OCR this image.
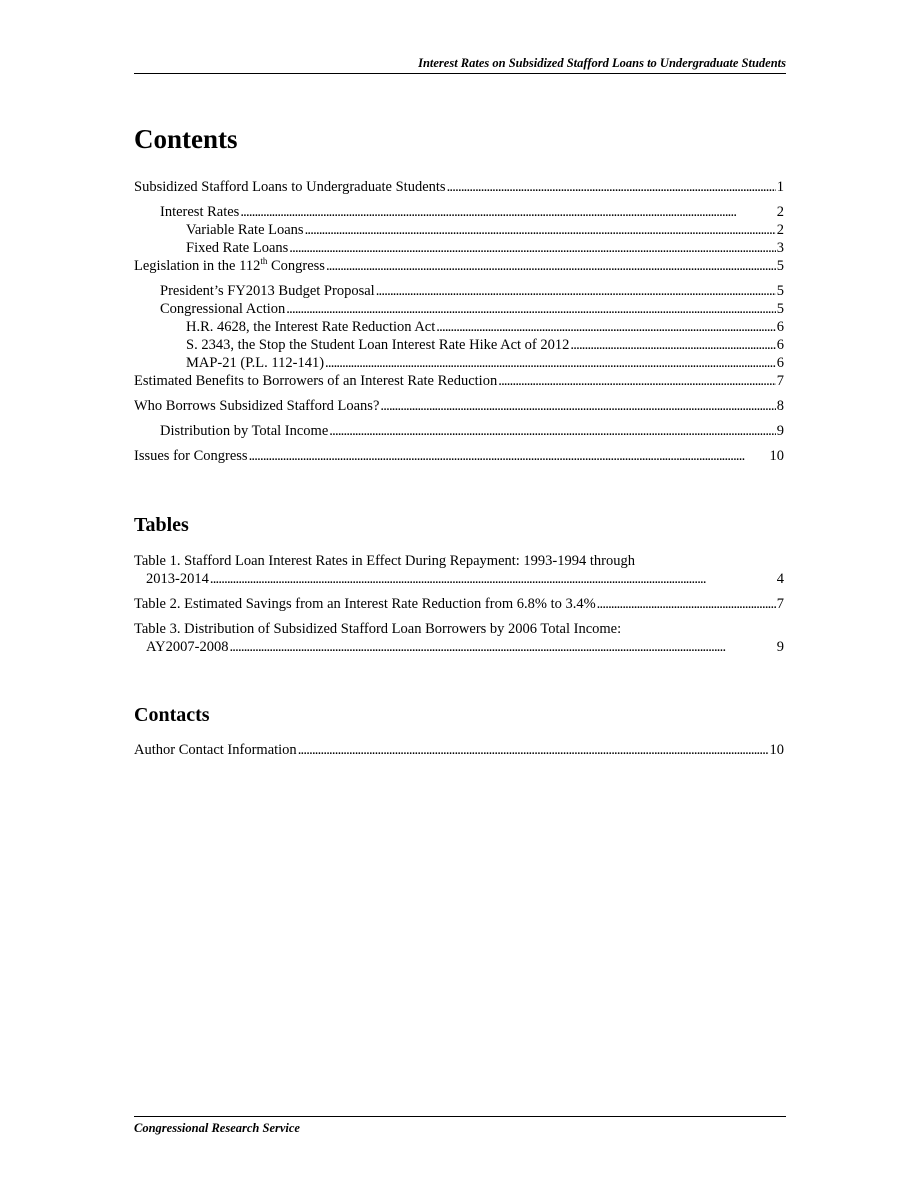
Interest Rates on Subsidized Stafford Loans to Undergraduate Students
Contents
Subsidized Stafford Loans to Undergraduate Students . . .	1
Interest Rates . . .	2
Variable Rate Loans . . .	2
Fixed Rate Loans . . .	3
Legislation in the 112th Congress . . .	5
President’s FY2013 Budget Proposal . . .	5
Congressional Action . . .	5
H.R. 4628, the Interest Rate Reduction Act . . .	6
S. 2343, the Stop the Student Loan Interest Rate Hike Act of 2012 . . .	6
MAP-21 (P.L. 112-141) . . .	6
Estimated Benefits to Borrowers of an Interest Rate Reduction . . .	7
Who Borrows Subsidized Stafford Loans? . . .	8
Distribution by Total Income . . .	9
Issues for Congress . . .	10
Tables
Table 1. Stafford Loan Interest Rates in Effect During Repayment: 1993-1994 through
2013-2014 . . .	4
Table 2. Estimated Savings from an Interest Rate Reduction from 6.8% to 3.4% . . .	7
Table 3. Distribution of Subsidized Stafford Loan Borrowers by 2006 Total Income:
AY2007-2008 . . .	9
Contacts
Author Contact Information . . .	10
Congressional Research Service
